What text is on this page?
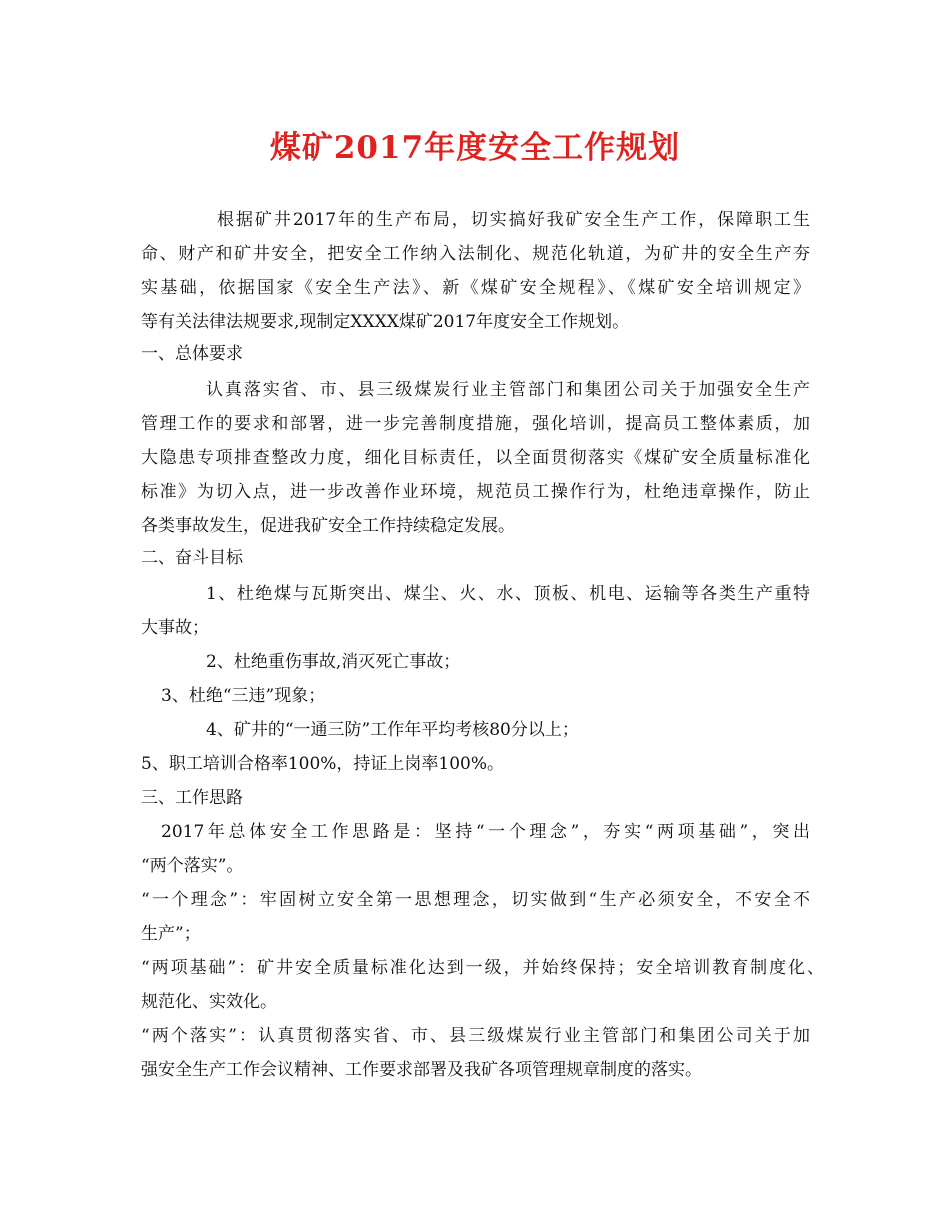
煤矿2017年度安全工作规划
根据矿井2017年的生产布局，切实搞好我矿安全生产工作，保障职工生
命、财产和矿井安全，把安全工作纳入法制化、规范化轨道，为矿井的安全生产夯
实基础，依据国家《安全生产法》、新《煤矿安全规程》、《煤矿安全培训规定》
等有关法律法规要求,现制定XXXX煤矿2017年度安全工作规划。
一、总体要求
认真落实省、市、县三级煤炭行业主管部门和集团公司关于加强安全生产
管理工作的要求和部署，进一步完善制度措施，强化培训，提高员工整体素质，加
大隐患专项排查整改力度，细化目标责任，以全面贯彻落实《煤矿安全质量标准化
标准》为切入点，进一步改善作业环境，规范员工操作行为，杜绝违章操作，防止
各类事故发生，促进我矿安全工作持续稳定发展。
二、奋斗目标
1、杜绝煤与瓦斯突出、煤尘、火、水、顶板、机电、运输等各类生产重特
大事故；
2、杜绝重伤事故,消灭死亡事故；
3、杜绝“三违”现象；
4、矿井的“一通三防”工作年平均考核80分以上；
5、职工培训合格率100%，持证上岗率100%。
三、工作思路
2017年总体安全工作思路是：坚持“一个理念”，夯实“两项基础”，突出
“两个落实”。
“一个理念”：牢固树立安全第一思想理念，切实做到“生产必须安全，不安全不
生产”；
“两项基础”：矿井安全质量标准化达到一级，并始终保持；安全培训教育制度化、
规范化、实效化。
“两个落实”：认真贯彻落实省、市、县三级煤炭行业主管部门和集团公司关于加
强安全生产工作会议精神、工作要求部署及我矿各项管理规章制度的落实。
